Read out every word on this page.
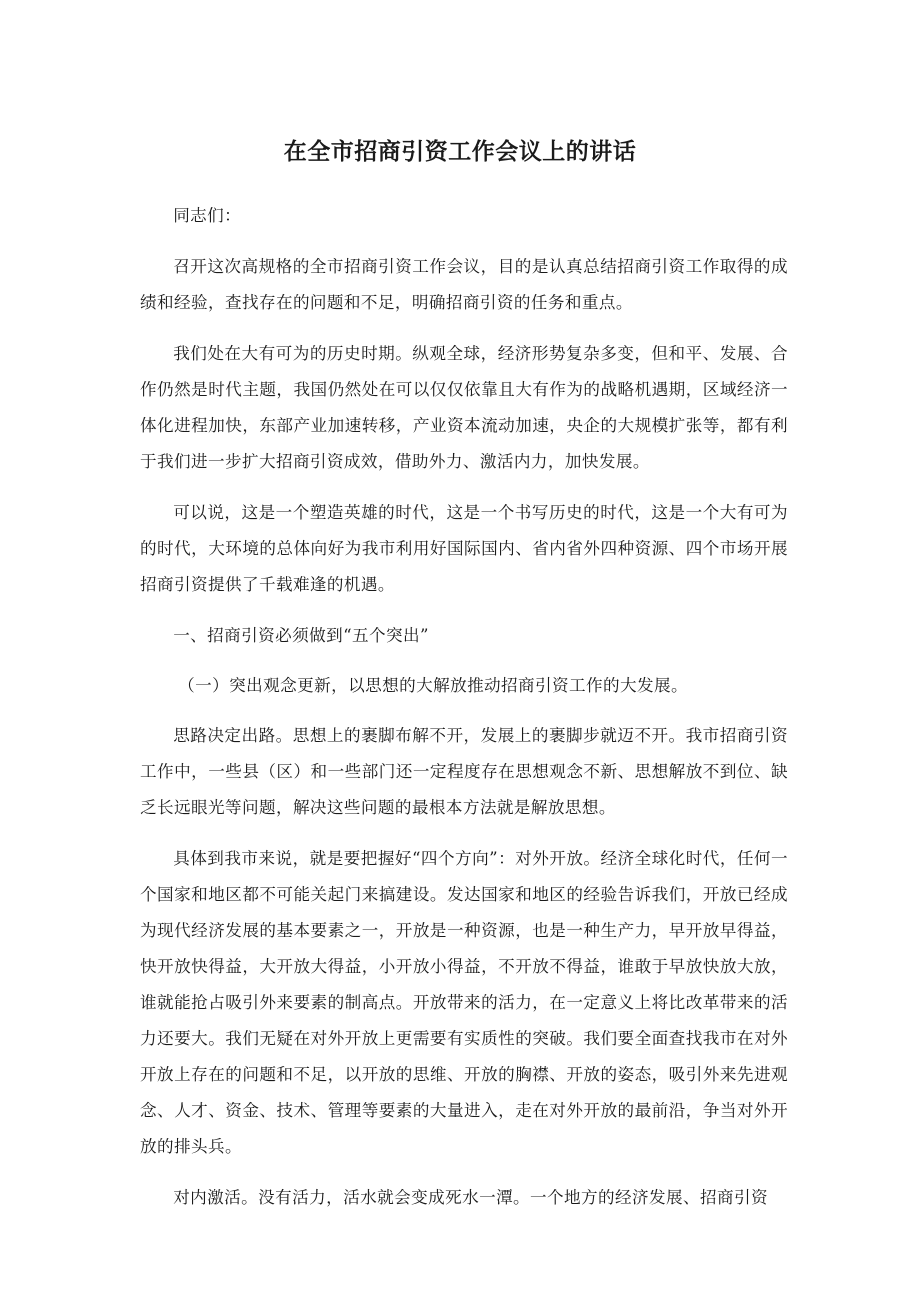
在全市招商引资工作会议上的讲话

同志们：

召开这次高规格的全市招商引资工作会议，目的是认真总结招商引资工作取得的成绩和经验，查找存在的问题和不足，明确招商引资的任务和重点。

我们处在大有可为的历史时期。纵观全球，经济形势复杂多变，但和平、发展、合作仍然是时代主题，我国仍然处在可以仅仅依靠且大有作为的战略机遇期，区域经济一体化进程加快，东部产业加速转移，产业资本流动加速，央企的大规模扩张等，都有利于我们进一步扩大招商引资成效，借助外力、激活内力，加快发展。

可以说，这是一个塑造英雄的时代，这是一个书写历史的时代，这是一个大有可为的时代，大环境的总体向好为我市利用好国际国内、省内省外四种资源、四个市场开展招商引资提供了千载难逢的机遇。

一、招商引资必须做到“五个突出”

（一）突出观念更新，以思想的大解放推动招商引资工作的大发展。

思路决定出路。思想上的裹脚布解不开，发展上的裹脚步就迈不开。我市招商引资工作中，一些县（区）和一些部门还一定程度存在思想观念不新、思想解放不到位、缺乏长远眼光等问题，解决这些问题的最根本方法就是解放思想。

具体到我市来说，就是要把握好“四个方向”：对外开放。经济全球化时代，任何一个国家和地区都不可能关起门来搞建设。发达国家和地区的经验告诉我们，开放已经成为现代经济发展的基本要素之一，开放是一种资源，也是一种生产力，早开放早得益，快开放快得益，大开放大得益，小开放小得益，不开放不得益，谁敢于早放快放大放，谁就能抢占吸引外来要素的制高点。开放带来的活力，在一定意义上将比改革带来的活力还要大。我们无疑在对外开放上更需要有实质性的突破。我们要全面查找我市在对外开放上存在的问题和不足，以开放的思维、开放的胸襟、开放的姿态，吸引外来先进观念、人才、资金、技术、管理等要素的大量进入，走在对外开放的最前沿，争当对外开放的排头兵。

对内激活。没有活力，活水就会变成死水一潭。一个地方的经济发展、招商引资
